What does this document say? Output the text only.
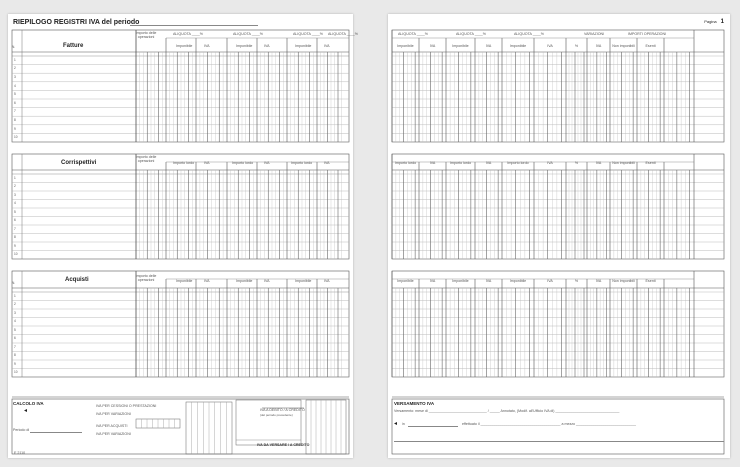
RIEPILOGO REGISTRI IVA del periodo
Fatture
Corrispettivi
Acquisti
N.
N.
Importo delle operazioni
ALIQUOTA ____%	ALIQUOTA ____%	ALIQUOTA ____% ALIQUOTA ____%
Imponibile	IVA	Imponibile	IVA	Imponibile	IVA
Importo delle operazioni
Importo lordo	IVA	Importo lordo	IVA	Importo lordo	IVA
Importo delle operazioni	Imponibile	IVA	Imponibile	IVA	Imponibile	IVA
1
2
3
4
5
6
7
8
9
10
1
2
3
4
5
6
7
8
9
10
1
2
3
4
5
6
7
8
9
10
CALCOLO IVA
◂
IVA PER CESSIONI O PRESTAZIONI
IVA PER VARIAZIONI
IVA PER ACQUISTI
IVA PER VARIAZIONI
Periodo di
IVA A DEBITO / A CREDITO
(del periodo precedente)
IVA DA VERSARE / A CREDITO
E 2110
Pagina 1
ALIQUOTA ____%	ALIQUOTA ____%	ALIQUOTA ____%	VARIAZIONI	IMPORTI OPERAZIONI
Imponibile	IVA	Imponibile	IVA	Imponibile	IVA	%	IVA	Non imponibili	Esenti
Importo lordo	IVA	Importo lordo	IVA	Importo lordo	IVA	%	IVA	Non imponibili	Esenti
Imponibile	IVA	Imponibile	IVA	Imponibile	IVA	%	IVA	Non imponibili	Esenti
VERSAMENTO IVA
Versamento: mese di _____________________________ / _____ Annotato, (Modif. all'Ufficio IVA di) ________________________________
◂ in	effettuato il ________________________________________ a mezzo ______________________________
